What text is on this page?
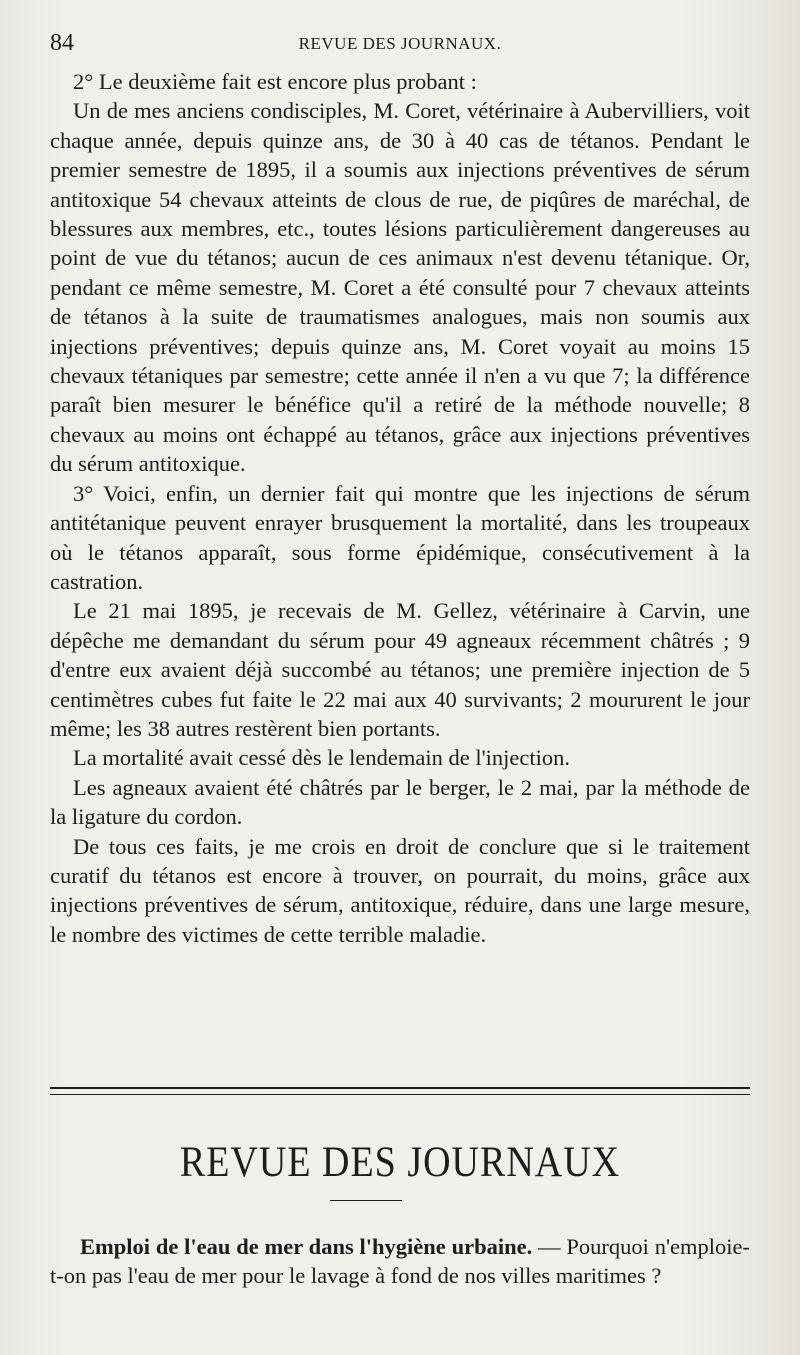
84	REVUE DES JOURNAUX.

2° Le deuxième fait est encore plus probant :

Un de mes anciens condisciples, M. Coret, vétérinaire à Aubervilliers, voit chaque année, depuis quinze ans, de 30 à 40 cas de tétanos. Pendant le premier semestre de 1895, il a soumis aux injections préventives de sérum antitoxique 54 chevaux atteints de clous de rue, de piqûres de maréchal, de blessures aux membres, etc., toutes lésions particulièrement dangereuses au point de vue du tétanos; aucun de ces animaux n'est devenu tétanique. Or, pendant ce même semestre, M. Coret a été consulté pour 7 chevaux atteints de tétanos à la suite de traumatismes analogues, mais non soumis aux injections préventives; depuis quinze ans, M. Coret voyait au moins 15 chevaux tétaniques par semestre; cette année il n'en a vu que 7; la différence paraît bien mesurer le bénéfice qu'il a retiré de la méthode nouvelle; 8 chevaux au moins ont échappé au tétanos, grâce aux injections préventives du sérum antitoxique.

3° Voici, enfin, un dernier fait qui montre que les injections de sérum antitétanique peuvent enrayer brusquement la mortalité, dans les troupeaux où le tétanos apparaît, sous forme épidémique, consécutivement à la castration.

Le 21 mai 1895, je recevais de M. Gellez, vétérinaire à Carvin, une dépêche me demandant du sérum pour 49 agneaux récemment châtrés ; 9 d'entre eux avaient déjà succombé au tétanos; une première injection de 5 centimètres cubes fut faite le 22 mai aux 40 survivants; 2 moururent le jour même; les 38 autres restèrent bien portants.

La mortalité avait cessé dès le lendemain de l'injection.

Les agneaux avaient été châtrés par le berger, le 2 mai, par la méthode de la ligature du cordon.

De tous ces faits, je me crois en droit de conclure que si le traitement curatif du tétanos est encore à trouver, on pourrait, du moins, grâce aux injections préventives de sérum, antitoxique, réduire, dans une large mesure, le nombre des victimes de cette terrible maladie.

REVUE DES JOURNAUX

Emploi de l'eau de mer dans l'hygiène urbaine. — Pourquoi n'emploie-t-on pas l'eau de mer pour le lavage à fond de nos villes maritimes ?
